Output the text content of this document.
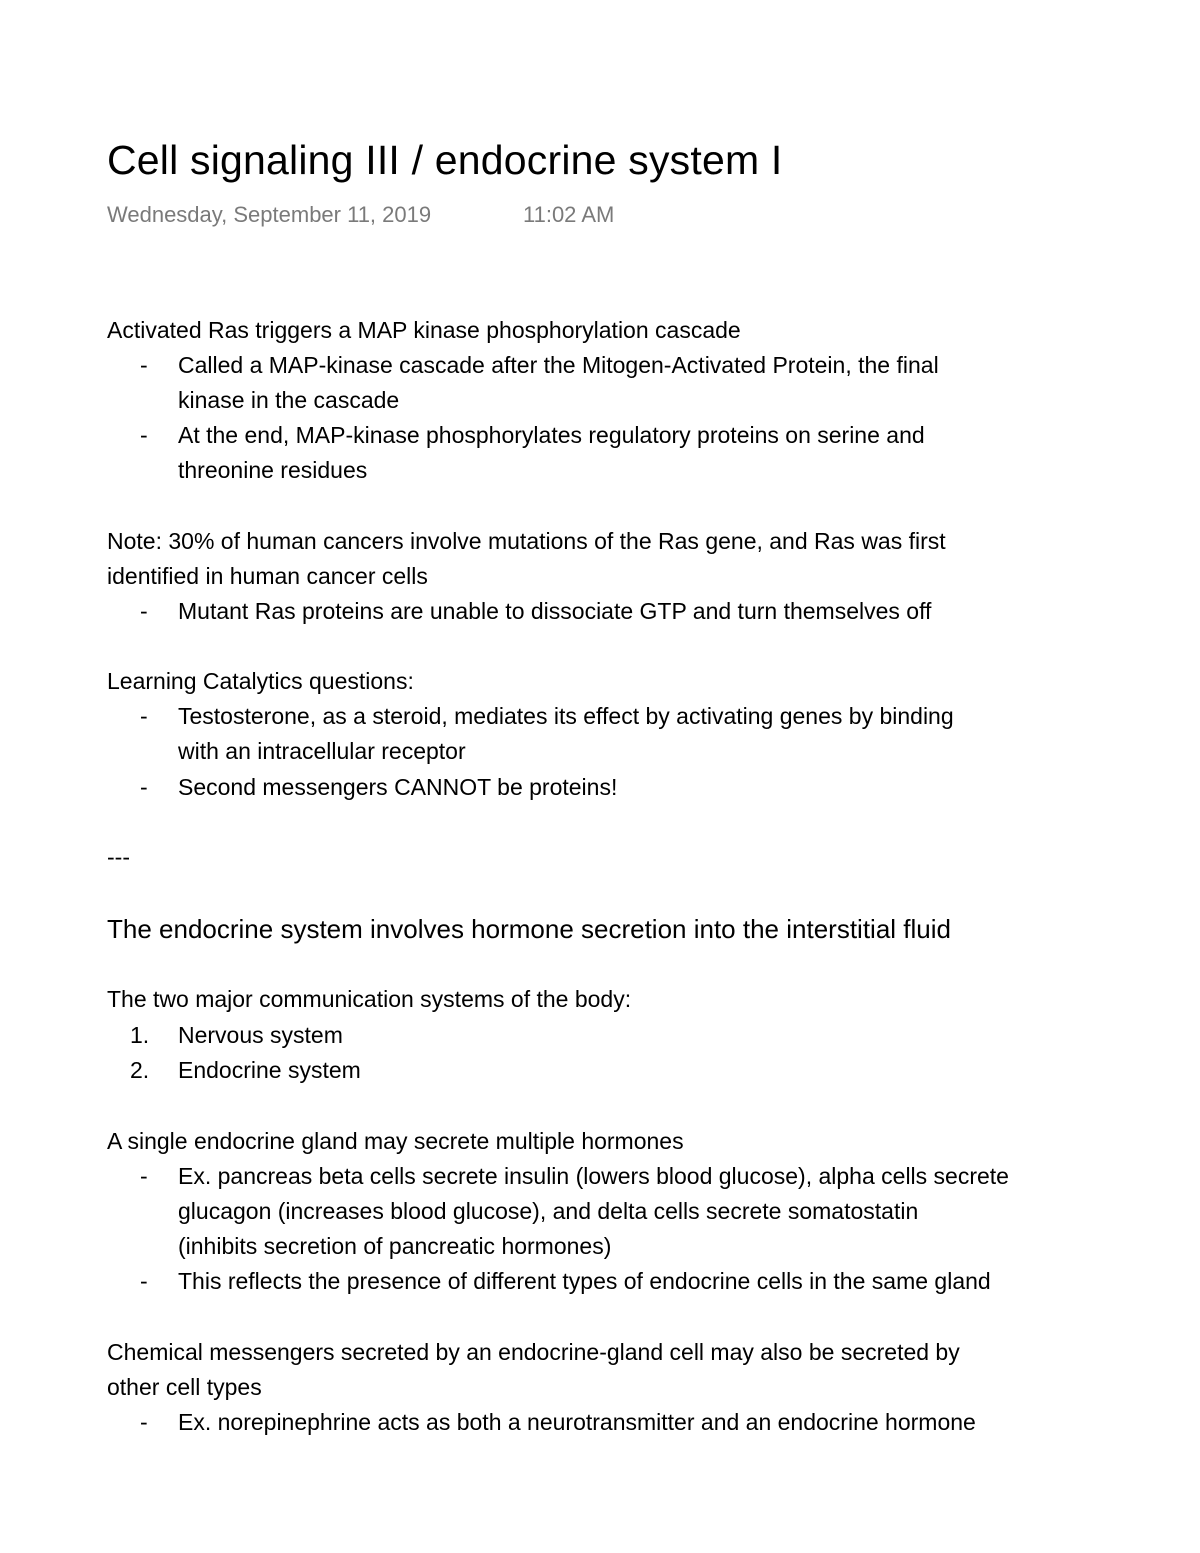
Cell signaling III / endocrine system I
Wednesday, September 11, 2019	11:02 AM
Activated Ras triggers a MAP kinase phosphorylation cascade
- Called a MAP-kinase cascade after the Mitogen-Activated Protein, the final
kinase in the cascade
- At the end, MAP-kinase phosphorylates regulatory proteins on serine and
threonine residues
Note: 30% of human cancers involve mutations of the Ras gene, and Ras was first
identified in human cancer cells
- Mutant Ras proteins are unable to dissociate GTP and turn themselves off
Learning Catalytics questions:
- Testosterone, as a steroid, mediates its effect by activating genes by binding
with an intracellular receptor
- Second messengers CANNOT be proteins!
---
The endocrine system involves hormone secretion into the interstitial fluid
The two major communication systems of the body:
1. Nervous system
2. Endocrine system
A single endocrine gland may secrete multiple hormones
- Ex. pancreas beta cells secrete insulin (lowers blood glucose), alpha cells secrete
glucagon (increases blood glucose), and delta cells secrete somatostatin
(inhibits secretion of pancreatic hormones)
- This reflects the presence of different types of endocrine cells in the same gland
Chemical messengers secreted by an endocrine-gland cell may also be secreted by
other cell types
- Ex. norepinephrine acts as both a neurotransmitter and an endocrine hormone
